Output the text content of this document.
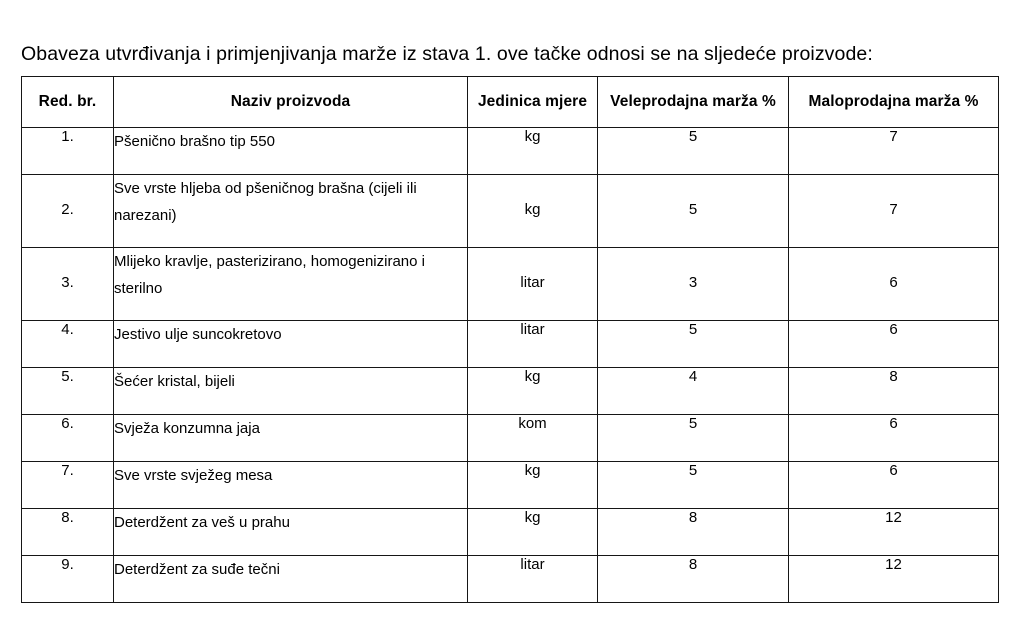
Obaveza utvrđivanja i primjenjivanja marže iz stava 1. ove tačke odnosi se na sljedeće proizvode:

Red. br.	Naziv proizvoda	Jedinica mjere	Veleprodajna marža %	Maloprodajna marža %
1.	Pšenično brašno tip 550	kg	5	7
2.	Sve vrste hljeba od pšeničnog brašna (cijeli ili narezani)	kg	5	7
3.	Mlijeko kravlje, pasterizirano, homogenizirano i sterilno	litar	3	6
4.	Jestivo ulje suncokretovo	litar	5	6
5.	Šećer kristal, bijeli	kg	4	8
6.	Svježa konzumna jaja	kom	5	6
7.	Sve vrste svježeg mesa	kg	5	6
8.	Deterdžent za veš u prahu	kg	8	12
9.	Deterdžent za suđe tečni	litar	8	12
